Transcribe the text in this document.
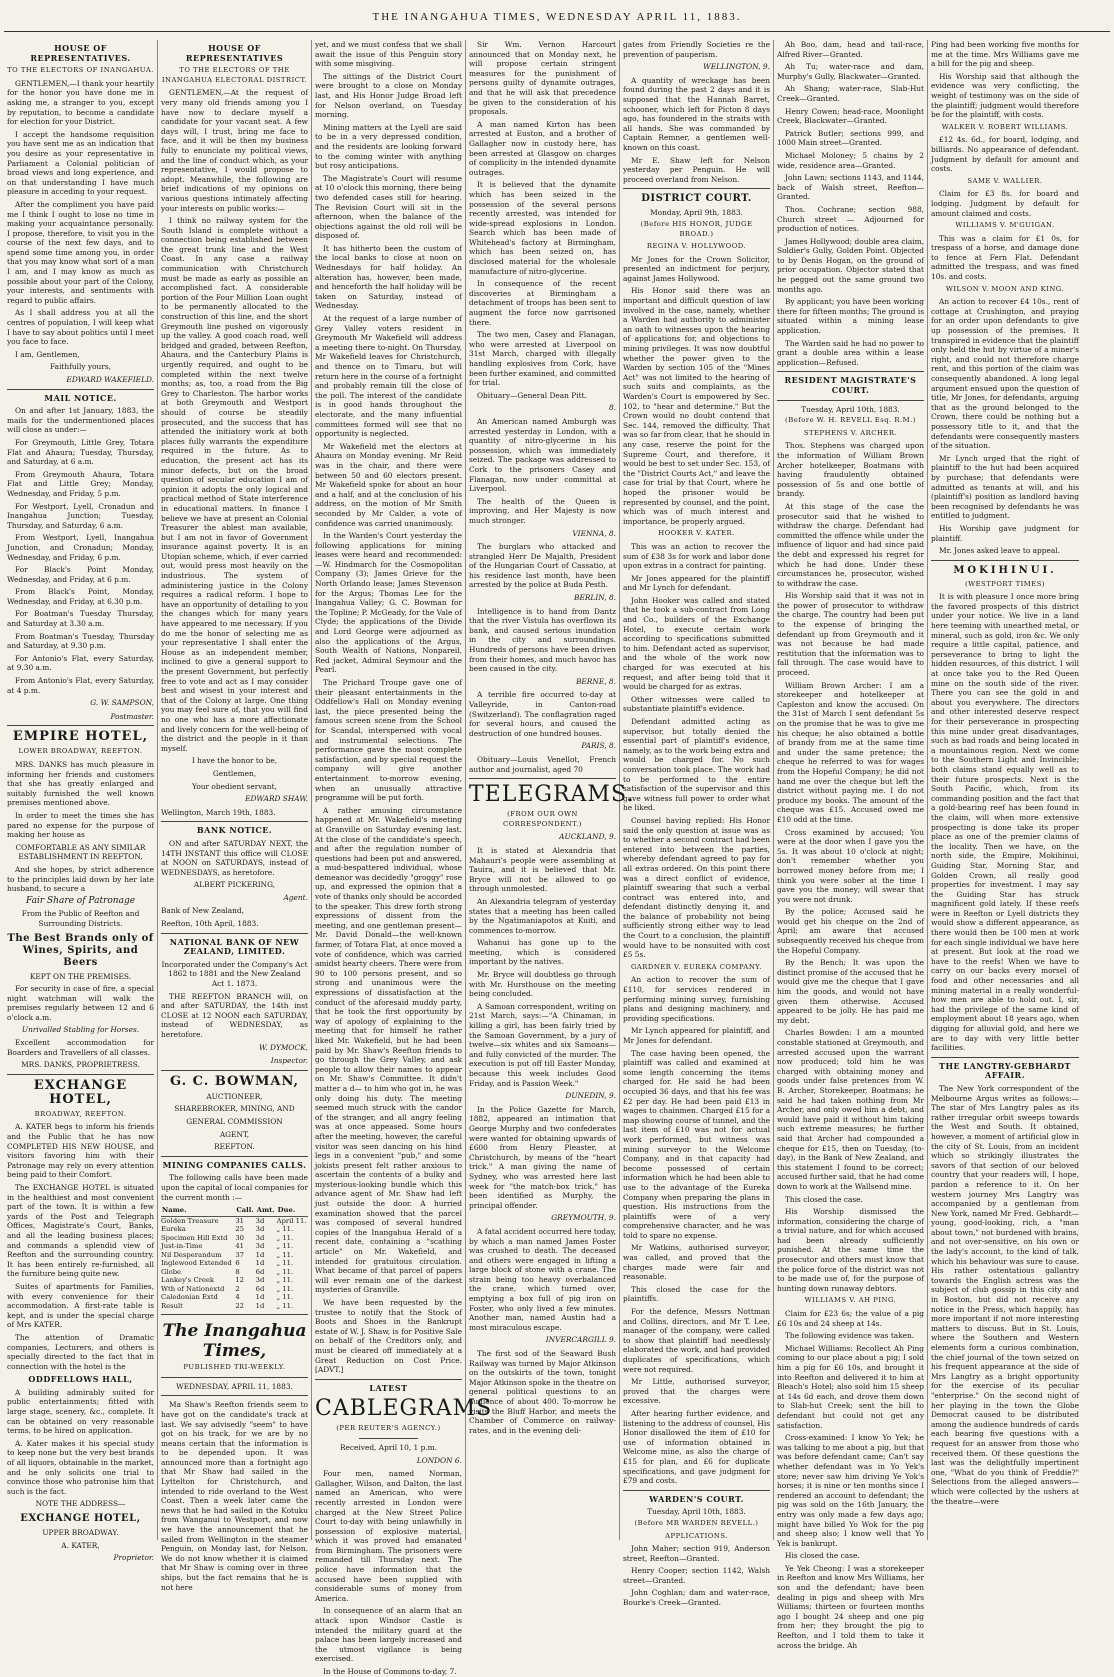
THE INANGAHUA TIMES, WEDNESDAY APRIL 11, 1883.
HOUSE OF REPRESENTATIVES.
TO THE ELECTORS OF INANGAHUA.

GENTLEMEN,—I thank your heartily for the honor you have done me in asking me, a stranger to you, except by reputation, to become a candidate for election for your District.

I accept the handsome requisition you have sent me as an indication that you desire as your representative in Parliament a Colonial politician of broad views and long experience, and on that understanding I have much pleasure in acceding to your request.

After the compliment you have paid me I think I ought to lose no time in making your acquaintance personally. I propose, therefore, to visit you in the course of the next few days, and to spend some time among you, in order that you may know what sort of a man I am, and I may know as much as possible about your part of the Colony, your interests, and sentiments with regard to public affairs.

As I shall address you at all the centres of population, I will keep what I have to say about politics until I meet you face to face.

I am, Gentlemen,

Faithfully yours,

EDWARD WAKEFIELD.
MAIL NOTICE.

On and after 1st January, 1883, the mails for the undermentioned places will close as under:—

For Greymouth, Little Grey, Totara Flat and Ahaura; Tuesday, Thursday, and Saturday, at 6 a.m.

From Greymouth Ahaura, Totara Flat and Little Grey; Monday, Wednesday, and Friday, 5 p.m.

For Westport, Lyell, Cronadun and Inangahua Junction; Tuesday, Thursday, and Saturday, 6 a.m.

From Westport, Lyell, Inangahua Junction, and Cronadun; Monday, Wednesday, and Friday, 6 p.m.

For Black's Point Monday, Wednesday, and Friday, at 6 p.m.

From Black's Point, Monday, Wednesday, and Friday, at 6.30 p.m.

For Boatman's Tuesday Thursday, and Saturday at 3.30 a.m.

From Boatman's Tuesday, Thursday and Saturday, at 9.30 p.m.

For Antonio's Flat, every Saturday, at 9.30 a.m.

From Antonio's Flat, every Saturday, at 4 p.m.

G. W. SAMPSON,
Postmaster.
EMPIRE HOTEL,
LOWER BROADWAY, REEFTON.

MRS. DANKS has much pleasure in informing her friends and customers that she has greatly enlarged and suitably furnished the well known premises mentioned above.

In order to meet the times she has pared no expense for the purpose of making her house as

COMFORTABLE AS ANY SIMILAR ESTABLISHMENT IN REEFTON,

And she hopes, by strict adherence to the principles laid down by her late husband, to secure a

Fair Share of Patronage

From the Public of Reefton and Surrounding Districts.

The Best Brands only of Wines, Spirits, and Beers

KEPT ON THE PREMISES.

For security in case of fire, a special night watchman will walk the premises regularly between 12 and 6 o'clock a.m.

Unrivalled Stabling for Horses.

Excellent accommodation for Boarders and Travellers of all classes.

MRS. DANKS, PROPRIETRESS.

EXCHANGE HOTEL,
BROADWAY, REEFTON.

A. KATER begs to inform his friends and the Public that he has now COMPLETED HIS NEW HOUSE, and visitors favoring him with their Patronage may rely on every attention being paid to their Comfort.

The EXCHANGE HOTEL is situated in the healthiest and most convenient part of the town. It is within a few yards of the Post and Telegraph Offices, Magistrate's Court, Banks, and all the leading business places; and commands a splendid view of Reefton and the surrounding country. It has been entirely re-furnished, all the furniture being quite new.

Suites of apartments for Families, with every convenience for their accommodation. A first-rate table is kept, and is under the special charge of Mrs KATER.

The attention of Dramatic companies, Lecturers, and others is specially directed to the fact that in connection with the hotel is the

ODDFELLOWS HALL,

A building admirably suited for public entertainments; fitted with large stage, scenery, &c., complete. It can be obtained on very reasonable terms, to be hired on application.

A. Kater makes it his special study to keep none but the very best brands of all liquors, obtainable in the market, and he only solicits one trial to convince those who patronise him that such is the fact.

NOTE THE ADDRESS—

EXCHANGE HOTEL,

UPPER BROADWAY.

A. KATER,

Proprietor.
HOUSE OF REPRESENTATIVES
TO THE ELECTORS OF THE INANGAHUA ELECTORAL DISTRICT.

GENTLEMEN,—At the request of very many old friends among you I have now to declare myself a candidate for your vacant seat. A few days will, I trust, bring me face to face, and it will be then my business fully to enunciate my political views, and the line of conduct which, as your representative, I would propose to adopt. Meanwhile, the following are brief indications of my opinions on various questions intimately affecting your interests on public works:—

I think no railway system for the South Island is complete without a connection being established between the great trunk line and the West Coast. In any case a railway communication with Christchurch must be made as early as possible an accomplished fact. A considerable portion of the Four Million Loan ought to be permanently allocated to the construction of this line, and the short Greymouth line pushed on vigorously up the valley. A good coach road, well bridged and graded, between Reefton, Ahaura, and the Canterbury Plains is urgently required, and ought to be completed within the next twelve months; as, too, a road from the Big Grey to Charleston. The harbor works at both Greymouth and Westport should of course be steadily prosecuted, and the success that has attended the initiatory work at both places fully warrants the expenditure required in the future. As to education, the present act has its minor defects, but on the broad question of secular education I am of opinion it adopts the only logical and practical method of State interference in educational matters. In finance I believe we have at present an Colonial Treasurer the ablest man available, but I am not in favor of Government insurance against poverty. It is an Utopian scheme, which, if ever carried out, would press most heavily on the industrious. The system of administering justice in the Colony requires a radical reform. I hope to have an opportunity of detailing to you the changes which for many years have appeared to me necessary. If you do me the honor of selecting me as your representative I shall enter the House as an independent member, inclined to give a general support to the present Government, but perfectly free to vote and act as I may consider best and wisest in your interest and that of the Colony at large. One thing you may feel sure of, that you will find no one who has a more affectionate and lively concern for the well-being of the district and the people in it than myself.

I have the honor to be,

Gentlemen,

Your obedient servant,

EDWARD SHAW.

Wellington, March 19th, 1883.

BANK NOTICE.

ON and after SATURDAY NEXT, the 14TH INSTANT this office will CLOSE at NOON on SATURDAYS, instead of WEDNESDAYS, as heretofore.

ALBERT PICKERING,

Agent.

Bank of New Zealand,

Reefton, 10th April, 1883.

NATIONAL BANK OF NEW ZEALAND, LIMITED.

Incorporated under the Company's Act 1862 to 1881 and the New Zealand Act 1. 1873.

THE REEFTON BRANCH will, on and after SATURDAY, the 14th inst CLOSE at 12 NOON each SATURDAY, instead of WEDNESDAY, as heretofore.

W. DYMOCK,
Inspector.
G. C. BOWMAN,

AUCTIONEER,

SHAREBROKER, MINING, AND

GENERAL COMMISSION

AGENT,

REEFTON.

MINING COMPANIES CALLS.

The following calls have been made upon the capital of local companies for the current month :—

Name.	Call.	Amt.	Due.
Golden Treasure	31	3d	April 11.
Eureka	25	3d	„ 11.
Specimen Hill Extd	30	3d	„ 11.
Just-in-Time	41	3d	„ 11.
Nil Desperandum	37	1d	„ 11.
Inglewood Extended	6	1d	„ 11.
Globe	8	6d	„ 11.
Lankey's Creek	12	3d	„ 11.
Wth of Nationextd	2	6d	„ 11.
Caledonian Extd	4	1d	„ 11.
Result	22	1d	„ 11.
The Inangahua Times,
PUBLISHED TRI-WEEKLY.
WEDNESDAY, APRIL 11, 1883.

Ma Shaw's Reefton friends seem to have got on the candidate's track at last. We say advisedly "seem" to have got on his track, for we are by no means certain that the information is to be depended upon. It was announced more than a fortnight ago that Mr Shaw had sailed in the Lyttelton for Christchurch, and intended to ride overland to the West Coast. Then a week later came the news that he had sailed in the Kotuku from Wanganui to Westport, and now we have the announcement that he sailed from Wellington in the steamer Penguin, on Monday last, for Nelson. We do not know whether it is claimed that Mr Shaw is coming over in three ships, but the fact remains that he is not here

yet, and we must confess that we shall await the issue of this Penguin story with some misgiving.

The sittings of the District Court were brought to a close on Monday last, and His Honor Judge Broad left for Nelson overland, on Tuesday morning.

Mining matters at the Lyell are said to be in a very depressed condition, and the residents are looking forward to the coming winter with anything but rosy anticipations.

The Magistrate's Court will resume at 10 o'clock this morning, there being two defended cases still for hearing. The Revision Court will sit in the afternoon, when the balance of the objections against the old roll will be disposed of.

It has hitherto been the custom of the local banks to close at noon on Wednesdays for half holiday. An alteration has, however, been made, and henceforth the half holiday will be taken on Saturday, instead of Wednesday.

At the request of a large number of Grey Valley voters resident in Greymouth Mr Wakefield will address a meeting there to-night. On Thursday, Mr Wakefield leaves for Christchurch, and thence on to Timaru, but will return here in the course of a fortnight and probably remain till the close of the poll. The interest of the candidate is in good hands throughout the electorate, and the many influential committees formed will see that no opportunity is neglected.

Mr Wakefield met the electors at Ahaura on Monday evening. Mr Reid was in the chair, and there were between 50 and 60 electors present. Mr Wakefield spoke for about an hour and a half, and at the conclusion of his address, on the motion of Mr Smith seconded by Mr Calder, a vote of confidence was carried unanimously.

In the Warden's Court yesterday the following applications for mining leases were heard and recommended:—W. Hindmarch for the Cosmopolitan Company (3); James Grieve for the North Orlando lease; James Stevenson for the Argus; Thomas Lee for the Inangahua Valley; G. C. Bowman for the Topline; P. McGeady, for the Vale of Clyde; the applications of the Divide and Lord George were adjourned as also the applications of the Argus, South Wealth of Nations, Nonpareil, Red jacket, Admiral Seymour and the Pearl.

The Prichard Troupe gave one of their pleasant entertainments in the Oddfellow's Hall on Monday evening last, the piece presented being the famous screen scene from the School for Scandal, interspersed with vocal and instrumental selections. The performance gave the most complete satisfaction, and by special request the company will give another entertainment to-morrow evening, when an unusually attractive programme will be put forth.

A rather amusing circumstance happened at Mr. Wakefield's meeting at Granville on Saturday evening last. At the close of the candidate's speech, and after the regulation number of questions had been put and answered, a mud-bespattered individual, whose demeanor was decidedly "groggy" rose up, and expressed the opinion that a vote of thanks only should be accorded to the speaker. This drew forth strong expressions of dissent from the meeting, and one gentleman present—Mr. David Donald—the well-known farmer, of Totara Flat, at once moved a vote of confidence, which was carried amidst hearty cheers. There were from 90 to 100 persons present, and so strong and unanimous were the expressions of dissatisfaction at the conduct of the aforesaid muddy party, that he took the first opportunity by way of apology of explaining to the meeting that for himself he rather liked Mr. Wakefield, but he had been paid by Mr. Shaw's Reefton friends to go through the Grey Valley, and ask people to allow their names to appear on Mr. Shaw's Committee. It didn't matter a d— to him who got in, he was only doing his duty. The meeting seemed much struck with the candor of the stranger, and all angry feeling was at once appeased. Some hours after the meeting, however, the careful visitor was seen dancing on his hind legs in a convenient "pub," and some jokists present felt rather anxious to ascertain the contents of a bulky and mysterious-looking bundle which this advance agent of Mr. Shaw had left just outside the door. A hurried examination showed that the parcel was composed of several hundred copies of the Inangahua Herald of a recent date, containing a "scathing article" on Mr. Wakefield, and intended for gratuitous circulation. What became of that parcel of papers will ever remain one of the darkest mysteries of Granville.

We have been requested by the trustee to notify that the Stock of Boots and Shoes in the Bankrupt estate of W. J. Shaw, is for Positive Sale on behalf of the Creditors only, and must be cleared off immediately at a Great Reduction on Cost Price. [ADVT.]

LATEST
CABLEGRAMS
(PER REUTER'S AGENCY.)

Received, April 10, 1 p.m.

LONDON 6.

Four men, named Norman, Gallagher, Wilson, and Dalton, the last named an American, who were recently arrested in London were charged at the New Street Police Court to-day with being unlawfully in possession of explosive material, which it was proved had emanated from Birmingham. The prisoners were remanded till Thursday next. The police have information that the accused have been supplied with considerable sums of money from America.

In consequence of an alarm that an attack upon Windsor Castle is intended the military guard at the palace has been largely increased and the utmost vigilance is being exercised.

In the House of Commons to-day, 7.

Sir Wm. Vernon Harcourt announced that on Monday next, he will propose certain stringent measures for the punishment of persons guilty of dynamite outrages, and that he will ask that precedence be given to the consideration of his proposals.

A man named Kirton has been arrested at Euston, and a brother of Gallagher now in custody here, has been arrested at Glasgow on charges of complicity in the intended dynamite outrages.

It is believed that the dynamite which has been seized in the possession of the several persons recently arrested, was intended for wide-spread explosions in London. Search which has been made of Whitehead's factory at Birmingham, which has been seized on, has disclosed material for the wholesale manufacture of nitro-glycerine.

In consequence of the recent discoveries at Birmingham a detachment of troops has been sent to augment the force now garrisoned there.

The two men, Casey and Flanagan, who were arrested at Liverpool on 31st March, charged with illegally handling explosives from Cork, have been further examined, and committed for trial.

Obituary—General Dean Pitt.

8.

An American named Amburgh was arrested yesterday in London, with a quantity of nitro-glycerine in his possession, which was immediately seized. The package was addressed to Cork to the prisoners Casey and Flanagan, now under committal at Liverpool.

The health of the Queen is improving, and Her Majesty is now much stronger.

VIENNA, 8.

The burglars who attacked and strangled Herr De Majalth, President of the Hungarian Court of Cassatio, at his residence last month, have been arrested by the police at Buda Pesth.

BERLIN, 8.

Intelligence is to hand from Dantz that the river Vistula has overflown its bank, and caused serious inundation in the city and surroundings. Hundreds of persons have been driven from their homes, and much havoc has been caused in the city.

BERNE, 8.

A terrible fire occurred to-day at Valleyride, in Canton-road (Switzerland). The conflagration raged for several hours, and caused the destruction of one hundred houses.

PARIS, 8.

Obituary—Louis Venellot, French author and journalist, aged 70

TELEGRAMS.
(FROM OUR OWN CORRESPONDENT.)
AUCKLAND, 9.

It is stated at Alexandria that Mahauri's people were assembling at Tauira, and it is believed that Mr. Bryce will not be allowed to go through unmolested.

An Alexandria telegram of yesterday states that a meeting has been called by the Ngatimaniapotos at Kuiti, and commences to-morrow.

Wahanui has gone up to the meeting, which is considered important by the natives.

Mr. Bryce will doubtless go through with Mr. Hursthouse on the meeting being concluded.

A Samoan correspondent, writing on 21st March, says:—"A Chinaman, in killing a girl, has been fairly tried by the Samoan Government, by a jury of twelve—six whites and six Samoans—and fully convicted of the murder. The execution is put off till Easter Monday, because this week includes Good Friday, and is Passion Week."

DUNEDIN, 9.

In the Police Gazette for March, 1882, appeared an intimation that George Murphy and two confederates were wanted for obtaining upwards of £600 from Henry Pleaster, at Christchurch, by means of the "heart trick." A man giving the name of Sydney, who was arrested here last week for "the match-box trick," has been identified as Murphy, the principal offender.

GREYMOUTH, 9.

A fatal accident occurred here today, by which a man named James Foster was crushed to death. The deceased and others were engaged in lifting a large block of stone with a crane. The strain being too heavy overbalanced the crane, which turned over, emptying a box full of pig iron on Foster, who only lived a few minutes. Another man, named Austin had a most miraculous escape.

INVERCARGILL 9.

The first sod of the Seaward Bush Railway was turned by Major Atkinson on the outskirts of the town, tonight Major Atkinson spoke in the theatre on general political questions to an audience of about 400. To-morrow he visits the Bluff Harbor, and meets the Chamber of Commerce on railway-rates, and in the evening deli-

gates from Friendly Societies re the prevention of pauperism.

WELLINGTON, 9.

A quantity of wreckage has been found during the past 2 days and it is supposed that the Hannah Barret, schooner, which left for Picton 8 days ago, has foundered in the straits with all hands. She was commanded by Captain Remner, a gentlemen well-known on this coast.

Mr E. Shaw left for Nelson yesterday per Penguin. He will proceed overland from Nelson.

DISTRICT COURT.
Monday, April 9th, 1883.
(Before HIS HONOR, JUDGE BROAD.)
REGINA V. HOLLYWOOD.

Mr Jones for the Crown Solicitor, presented an indictment for perjury, against James Hollywood.

His Honor said there was an important and difficult question of law involved in the case, namely, whether a Warden had authority to administer an oath to witnesses upon the hearing of applications for, and objections to mining privileges. It was now doubtful whether the power given to the Warden by section 105 of the "Mines Act" was not limited to the hearing of such suits and complaints, as the Warden's Court is empowered by Sec. 102, to "hear and determine." But the Crown would no doubt contend that Sec. 144, removed the difficulty. That was so far from clear, that he should in any case, reserve the point for the Supreme Court, and therefore, it would be best to set under Sec. 153, of the "District Courts Act," and leave the case for trial by that Court, where he hoped the prisoner would be represented by counsel, and the point, which was of much interest and importance, be properly argued.

HOOKER V. KATER.

This was an action to recover the sum of £38 3s for work and labor done upon extras in a contract for painting.

Mr Jones appeared for the plaintiff and Mr Lynch for defendant.

John Hooker was called and stated that he took a sub-contract from Long and Co., builders of the Exchange Hotel, to execute certain work according to specifications submitted to him. Defendant acted as supervisor, and the whole of the work now charged for was executed at his request, and after being told that it would be charged for as extras.

Other witnesses were called to substantiate plaintiff's evidence.

Defendant admitted acting as supervisor, but totally denied the essential part of plaintiff's evidence, namely, as to the work being extra and would be charged for. No such conversation took place. The work had to be performed to the entire satisfaction of the supervisor and this gave witness full power to order what he liked.

Counsel having replied: His Honor said the only question at issue was as to whether a second contract had been entered into between the parties, whereby defendant agreed to pay for all extras ordered. On this point there was a direct conflict of evidence, plaintiff swearing that such a verbal contract was entered into, and defendant distinctly denying it, and the balance of probability not being sufficiently strong either way to lead the Court to a conclusion, the plaintiff would have to be nonsuited with cost £5 5s.

GARDNER V. EUREKA COMPANY.

An action to recover the sum of £110, for services rendered in performing mining survey, furnishing plans and designing machinery, and providing specifications.

Mr Lynch appeared for plaintiff, and Mr Jones for defendant.

The case having been opened, the plaintiff was called and examined at some length concerning the items charged for. He said he had been occupied 36 days, and that his fee was £2 per day. He had been paid £13 in wages to chainmen. Charged £15 for a map showing course of tunnel, and the last item of £10 was not for actual work performed, but witness was mining surveyor to the Welcome Company, and in that capacity had become possessed of certain information which he had been able to use to the advantage of the Eureka Company when preparing the plans in question. His instructions from the plaintiffs were of a very comprehensive character, and he was told to spare no expense.

Mr Watkins, authorised surveyor, was called, and proved that the charges made were fair and reasonable.

This closed the case for the plaintiffs.

For the defence, Messrs Nottman and Collins, directors, and Mr T. Lee, manager of the company, were called to show that plaintiff had needlessly elaborated the work, and had provided duplicates of specifications, which were not required.

Mr Little, authorised surveyor, proved that the charges were excessive.

After hearing further evidence, and listening to the address of counsel, His Honor disallowed the item of £10 for use of information obtained in Welcome mine, as also the charge of £15 for plan, and £6 for duplicate specifications, and gave judgment for £79 and costs.

WARDEN'S COURT.
Tuesday, April 10th, 1883.
(Before MR WARDEN REVELL.)
APPLICATIONS.

John Maher; section 919, Anderson street, Reefton—Granted.

Henry Cooper; section 1142, Walsh street—Granted.

John Coghlan; dam and water-race, Bourke's Creek—Granted.

Ah Boo, dam, head and tail-race, Alfred River—Granted.

Ah Tu; water-race and dam, Murphy's Gully, Blackwater—Granted.

Ah Shang; water-race, Slab-Hut Creek—Granted.

Henry Cowen; head-race, Moonlight Creek, Blackwater—Granted.

Patrick Butler; sections 999, and 1000 Main street—Granted.

Michael Moloney; 5 chains by 2 wide, residence area—Granted.

John Lawn; sections 1143, and 1144, back of Walsh street, Reefton—Granted.

Thos. Cochrane; section 988, Church street — Adjourned for production of notices.

James Hollywood; double area claim, Soldier's Gully, Golden Point. Objected to by Denis Hogan, on the ground of prior occupation. Objector stated that he pegged out the same ground two months ago.

By applicant; you have been working there for fifteen months; The ground is situated within a mining lease application.

The Warden said he had no power to grant a double area within a lease application—Refused.

RESIDENT MAGISTRATE'S COURT.
Tuesday, April 10th, 1883.
(Before W. H. REVELL Esq. R.M.)
STEPHENS V. ARCHER.

Thos. Stephens was charged upon the information of William Brown Archer hotelkeeper, Boatmans with having fraudulently obtained possession of 5s and one bottle of brandy.

At this stage of the case the prosecutor said that he wished to withdraw the charge. Defendant had committed the offence while under the influence of liquor and had since paid the debt and expressed his regret for which he had done. Under these circumstances he, prosecutor, wished to withdraw the case.

His Worship said that it was not in the power of prosecutor to withdraw the charge. The country had been put to the expense of bringing the defendant up from Greymouth and it was not because he had made restitution that the information was to fall through. The case would have to proceed.

William Brown Archer: I am a storekeeper and hotelkeeper at Capleston and know the accused: On the 31st of March I sent defendant 5s on the promise that he was to give me his cheque; he also obtained a bottle of brandy from me at the same time and under the same pretence; the cheque he referred to was for wages from the Hopeful Company; he did not hand me over the cheque but left the district without paying me. I do not produce my books. The amount of the cheque was £15. Accused owed me £10 odd at the time.

Cross examined by accused; You were at the door when I gave you the 5s. It was about 10 o'clock at night; don't remember whether you borrowed money before from me; I think you were sober at the time I gave you the money; will swear that you were not drunk.

By the police; Accused said he would get his cheque on the 2nd of April; am aware that accused subsequently received his cheque from the Hopeful Company.

By the Bench; It was upon the distinct promise of the accused that he would give me the cheque that I gave him the goods, and would not have given them otherwise. Accused appeared to be jolly. He has paid me my debt.

Charles Bowden: I am a mounted constable stationed at Greymouth, and arrested accused upon the warrant now produced; told him he was charged with obtaining money and goods under false pretences from W. B. Archer, Storekeeper, Boatmans; he said he had taken nothing from Mr Archer, and only owed him a debt, and would have paid it without him taking such extreme measures; he further said that Archer had compounded a cheque for £15, then on Tuesday, (to-day), in the Bank of New Zealand, and this statement I found to be correct; accused further said, that he had come down to work at the Wallsend mine.

This closed the case.

His Worship dismissed the information, considering the charge of a trivial nature, and for which accused had been already sufficiently punished. At the same time the prosecutor and others must know that the police force of the district was not to be made use of, for the purpose of hunting down runaway debtors.

WILLIAMS V. AH PING.

Claim for £23 6s; the value of a pig £6 10s and 24 sheep at 14s.

The following evidence was taken.

Michael Williams: Recollect Ah Ping coming to our place about a pig; I sold him a pig for £6 10s, and brought it into Reefton and delivered it to him at Bleach's Hotel; also sold him 15 sheep at 14s 6d each, and drove them down to Slab-hut Creek; sent the bill to defendant but could not get any satisfaction.

Cross-examined: I know Yo Yek; he was talking to me about a pig, but that was before defendant came; Can't say whether defendant was in Yo Yek's store; never saw him driving Ye Yok's horses; it is nine or ten months since I rendered an account to defendant; the pig was sold on the 16th January, the entry was only made a few days ago; might have billed Yo Wok for the pig and sheep also; I know well that Yo Yek is bankrupt.

His closed the case.

Ye Yek Cheong: I was a storekeeper in Reefton and know Mrs Williams, her son and the defendant; have been dealing in pigs and sheep with Mrs Williams; thirteen or fourteen months ago I bought 24 sheep and one pig from her; they brought the pig to Reefton, and I told them to take it across the bridge. Ah

Ping had been working five months for me at the time. Mrs Williams gave me a bill for the pig and sheep.

His Worship said that although the evidence was very conflicting, the weight of testimony was on the side of the plaintiff; judgment would therefore be for the plaintiff, with costs.

WALKER V. ROBERT WILLIAMS.

£12 4s. 6d., for board, lodging, and billiards. No appearance of defendant. Judgment by default for amount and costs.

SAME V. WALLIER.

Claim for £3 8s. for board and lodging. Judgment by default for amount claimed and costs.

WILLIAMS V. M'GUIGAN.

This was a claim for £1 0s, for trespass of a horse, and damage done to fence at Fern Flat. Defendant admitted the trespass, and was fined 10s. and costs.

WILSON V. MOON AND KING.

An action to recover £4 10s., rent of cottage at Crushington, and praying for an order upon defendants to give up possession of the premises. It transpired in evidence that the plaintiff only held the hut by virtue of a miner's right, and could not therefore charge rent, and this portion of the claim was consequently abandoned. A long legal argument ensued upon the question of title, Mr Jones, for defendants, arguing that as the ground belonged to the Crown, there could be nothing but a possessory title to it, and that the defendants were consequently masters of the situation.

Mr Lynch urged that the right of plaintiff to the hut had been acquired by purchase; that defendants were admitted as tenants at will, and his (plaintiff's) position as landlord having been recognised by defendants he was entitled to judgment.

His Worship gave judgment for plaintiff.

Mr. Jones asked leave to appeal.

MOKIHINUI.
(WESTPORT TIMES)

It is with pleasure I once more bring the favored prospects of this district under your notice. We live in a land here teeming with unearthed metal, or mineral, such as gold, iron &c. We only require a little capital, patience, and perseverance to bring to light the hidden resources, of this district. I will at once take you to the Red Queen mine on the south side of the river. There you can see the gold in and about you everywhere. The directors and other interested deserve respect for their perseverance in prospecting this mine under great disadvantages, such as bad roads and being located in a mountainous region. Next we come to the Southern Light and Invincible; both claims stand equally well as to their future prospects. Next is the South Pacific, which, from its commanding position and the fact that a gold-bearing reef has been found in the claim, will when more extensive prospecting is done take its proper place as one of the premier claims of the locality. Then we have, on the north side, the Empire, Mokihinui, Guiding Star, Morning Star, and Golden Crown, all really good properties for investment. I may say the Guiding Star has struck magnificent gold lately. If these reefs were in Reefton or Lyell districts they would show a different appearance, as there would then be 100 men at work for each single individual we have here at present. But look at the road we have to the reefs! When we have to carry on our backs every morsel of food and other necessaries and all mining material in a really wonderful-how men are able to hold out. I, sir, had the privilege of the same kind of employment about 18 years ago, when digging for alluvial gold, and here we are to day with very little better facilities.

THE LANGTRY-GEBHARDT AFFAIR.

The New York correspondent of the Melbourne Argus writes as follows:—The star of Mrs Langtry pales as its rather irregular orbit sweeps towards the West and South. It obtained, however, a moment of artificial glow in the city of St. Louis, from an incident which so strikingly illustrates the savors of that section of our beloved country that your readers will, I hope, pardon a reference to it. On her western journey Mrs Langtry was accompanied by a gentleman from New York, named Mr Fred. Gebhardt—young, good-looking, rich, a "man about town," not burdened with brains, and not over-sensitive, on his own or the lady's account, to the kind of talk, which his behaviour was sure to cause. His rather ostentatious gallantry towards the English actress was the subject of club gossip in this city and in Boston, but did not receive any notice in the Press, which happily, has more important if not more interesting matters to discuss. But in St. Louis, where the Southern and Western elements form a curious combination, the chief journal of the town seized on his frequent appearance at the side of Mrs Langtry as a bright opportunity for the exercise of its peculiar "enterprise." On the second night of her playing in the town the Globe Democrat caused to be distributed among the audience hundreds of cards each bearing five questions with a request for an answer from those who received them. Of these questions the last was the delightfully impertinent one, "What do you think of Freddie?" Selections from the alleged answers—which were collected by the ushers at the theatre—were
